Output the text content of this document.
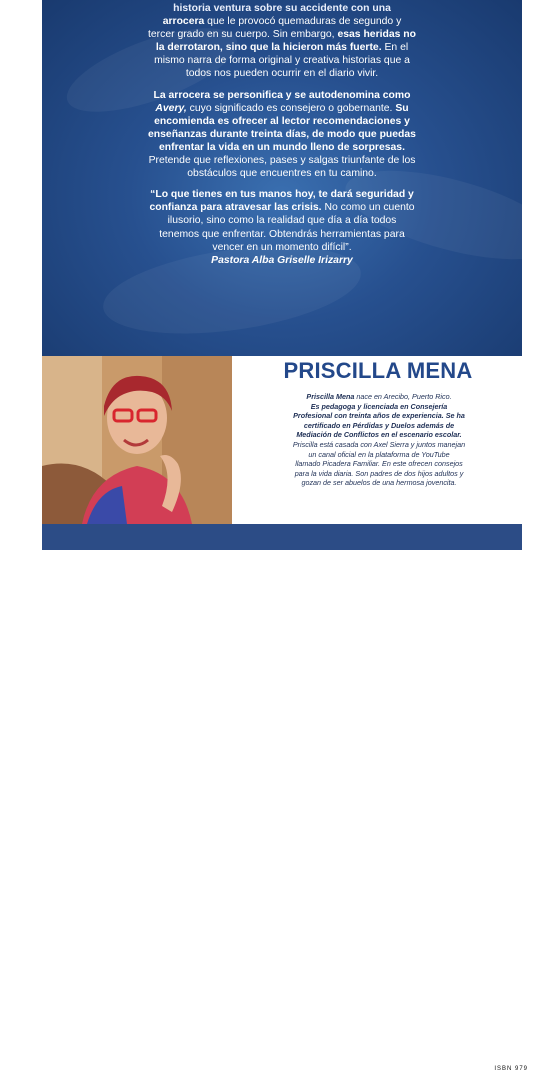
historia ventura sobre su accidente con una
arrocera que le provocó quemaduras de segundo y
tercer grado en su cuerpo. Sin embargo, esas heridas no
la derrotaron, sino que la hicieron más fuerte. En el
mismo narra de forma original y creativa historias que a
todos nos pueden ocurrir en el diario vivir.

La arrocera se personifica y se autodenomina como
Avery, cuyo significado es consejero o gobernante. Su
encomienda es ofrecer al lector recomendaciones y
enseñanzas durante treinta días, de modo que puedas
enfrentar la vida en un mundo lleno de sorpresas.
Pretende que reflexiones, pases y salgas triunfante de los
obstáculos que encuentres en tu camino.

“Lo que tienes en tus manos hoy, te dará seguridad y
confianza para atravesar las crisis. No como un cuento
ilusorio, sino como la realidad que día a día todos
tenemos que enfrentar. Obtendrás herramientas para
vencer en un momento difícil”.
Pastora Alba Griselle Irizarry

PRISCILLA MENA
Priscilla Mena nace en Arecibo, Puerto Rico.
Es pedagoga y licenciada en Consejería
Profesional con treinta años de experiencia. Se ha
certificado en Pérdidas y Duelos además de
Mediación de Conflictos en el escenario escolar.
Priscilla está casada con Axel Sierra y juntos manejan
un canal oficial en la plataforma de YouTube
llamado Picadera Familiar. En este ofrecen consejos
para la vida diaria. Son padres de dos hijos adultos y
gozan de ser abuelos de una hermosa jovencita.
ISBN 979
